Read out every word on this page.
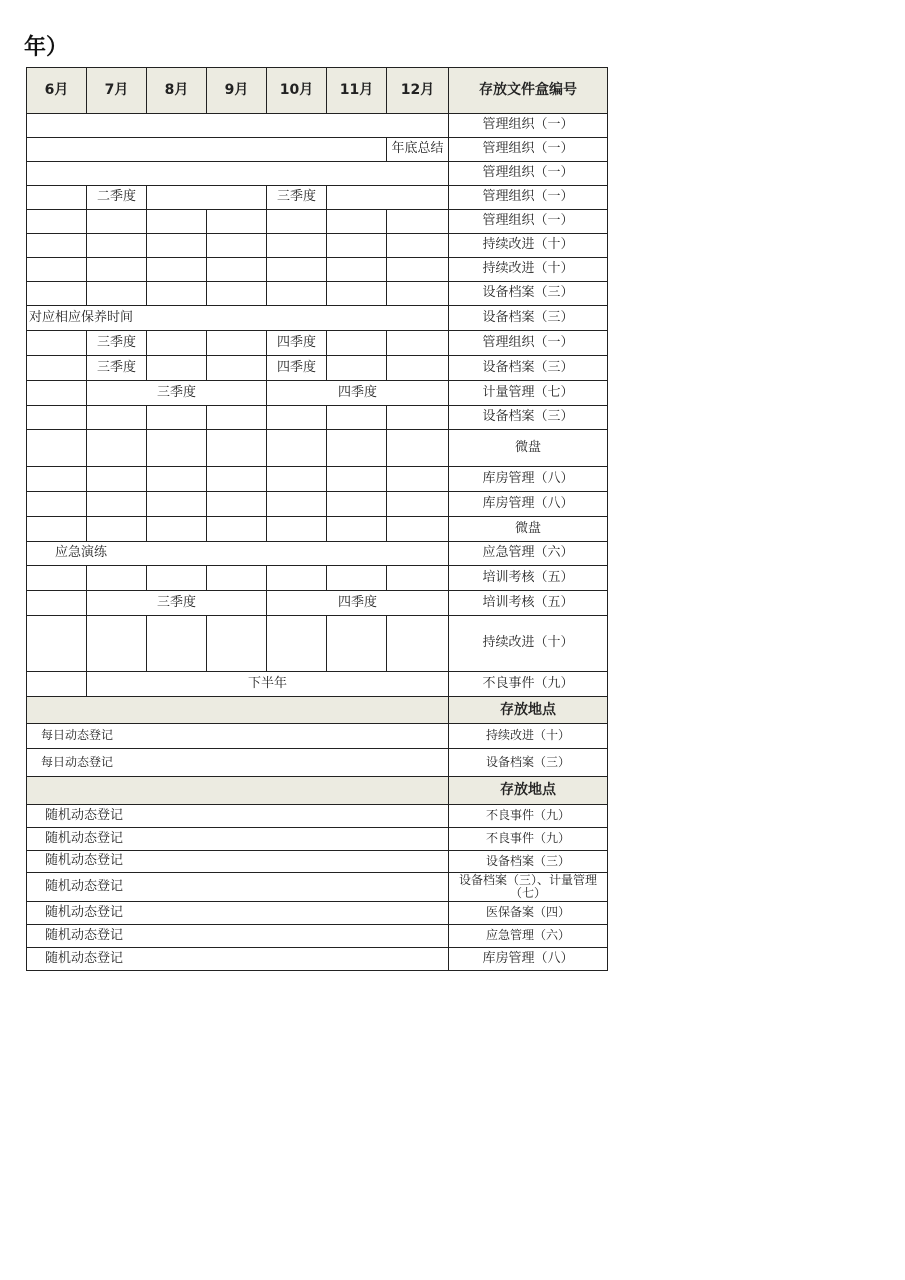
年）
6月	7月	8月	9月	10月	11月	12月	存放文件盒编号
							管理组织（一）
						年底总结	管理组织（一）
							管理组织（一）
	二季度			三季度			管理组织（一）
							管理组织（一）
							持续改进（十）
							持续改进（十）
							设备档案（三）
对应相应保养时间							设备档案（三）
	三季度			四季度			管理组织（一）
	三季度			四季度			设备档案（三）
	三季度			四季度			计量管理（七）
							设备档案（三）
							微盘
							库房管理（八）
							库房管理（八）
							微盘
应急演练							应急管理（六）
							培训考核（五）
	三季度			四季度			培训考核（五）
							持续改进（十）
	下半年						不良事件（九）
							存放地点
每日动态登记							持续改进（十）
每日动态登记							设备档案（三）
							存放地点
随机动态登记							不良事件（九）
随机动态登记							不良事件（九）
随机动态登记							设备档案（三）
随机动态登记							设备档案（三）、计量管理（七）
随机动态登记							医保备案（四）
随机动态登记							应急管理（六）
随机动态登记							库房管理（八）
